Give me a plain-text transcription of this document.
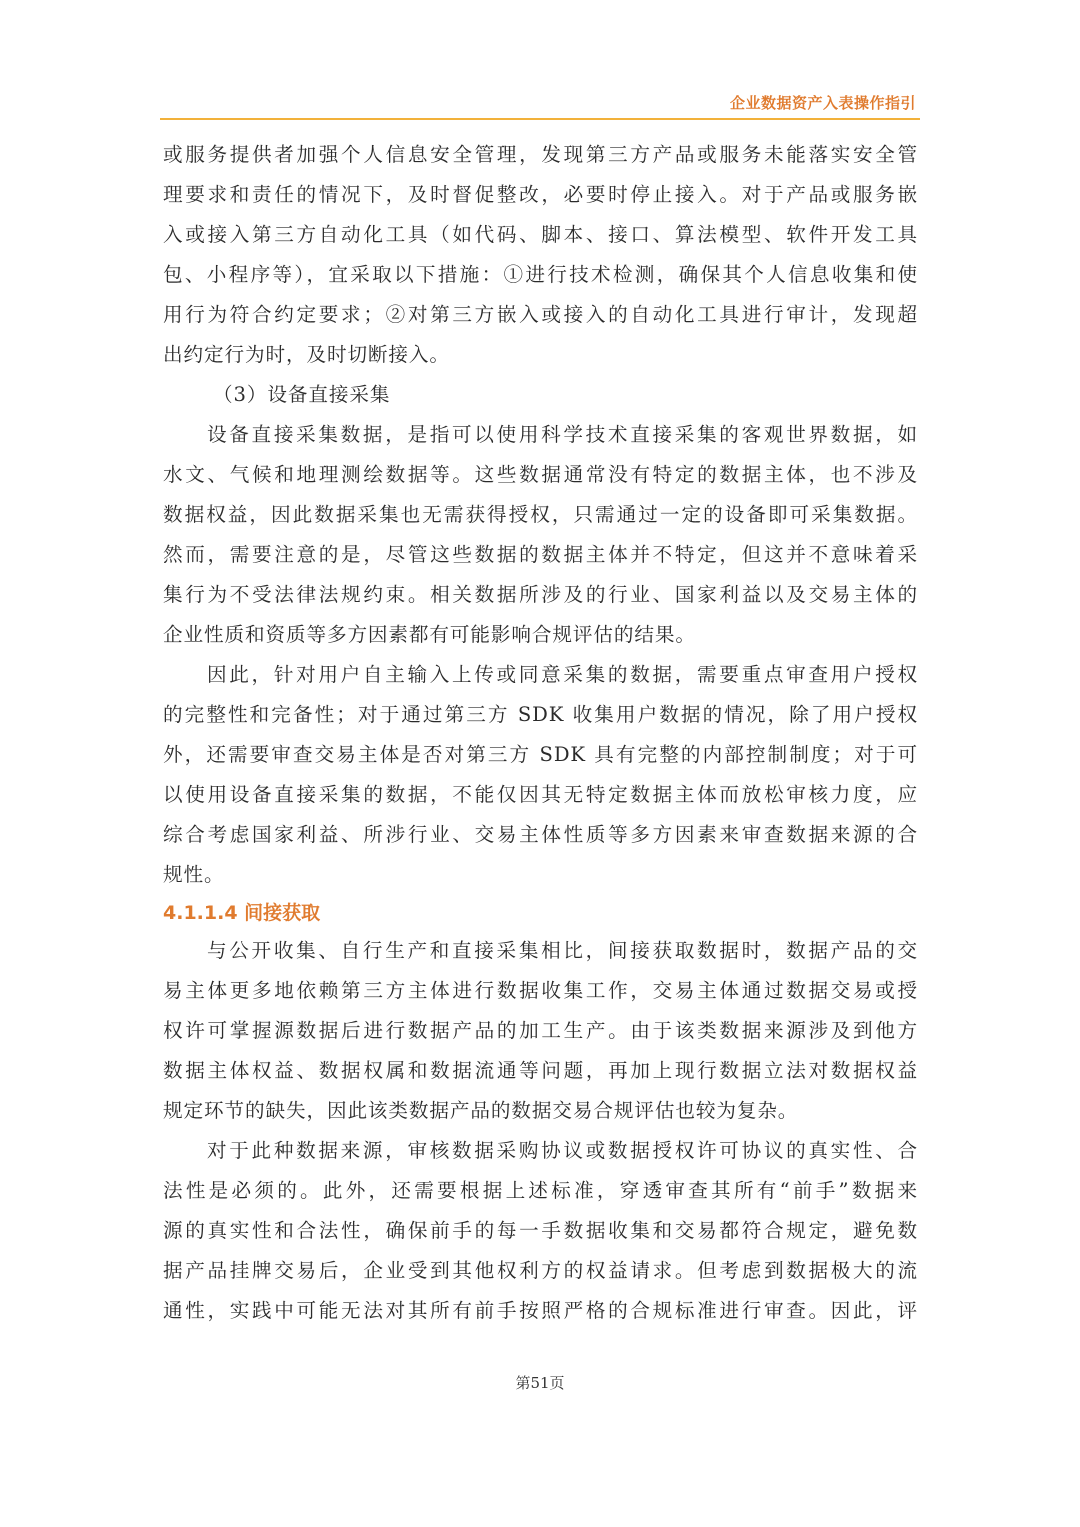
企业数据资产入表操作指引
或服务提供者加强个人信息安全管理，发现第三方产品或服务未能落实安全管
理要求和责任的情况下，及时督促整改，必要时停止接入。对于产品或服务嵌
入或接入第三方自动化工具（如代码、脚本、接口、算法模型、软件开发工具
包、小程序等），宜采取以下措施：①进行技术检测，确保其个人信息收集和使
用行为符合约定要求；②对第三方嵌入或接入的自动化工具进行审计，发现超
出约定行为时，及时切断接入。
（3）设备直接采集
设备直接采集数据，是指可以使用科学技术直接采集的客观世界数据，如
水文、气候和地理测绘数据等。这些数据通常没有特定的数据主体，也不涉及
数据权益，因此数据采集也无需获得授权，只需通过一定的设备即可采集数据。
然而，需要注意的是，尽管这些数据的数据主体并不特定，但这并不意味着采
集行为不受法律法规约束。相关数据所涉及的行业、国家利益以及交易主体的
企业性质和资质等多方因素都有可能影响合规评估的结果。
因此，针对用户自主输入上传或同意采集的数据，需要重点审查用户授权
的完整性和完备性；对于通过第三方 SDK 收集用户数据的情况，除了用户授权
外，还需要审查交易主体是否对第三方 SDK 具有完整的内部控制制度；对于可
以使用设备直接采集的数据，不能仅因其无特定数据主体而放松审核力度，应
综合考虑国家利益、所涉行业、交易主体性质等多方因素来审查数据来源的合
规性。
4.1.1.4 间接获取
与公开收集、自行生产和直接采集相比，间接获取数据时，数据产品的交
易主体更多地依赖第三方主体进行数据收集工作，交易主体通过数据交易或授
权许可掌握源数据后进行数据产品的加工生产。由于该类数据来源涉及到他方
数据主体权益、数据权属和数据流通等问题，再加上现行数据立法对数据权益
规定环节的缺失，因此该类数据产品的数据交易合规评估也较为复杂。
对于此种数据来源，审核数据采购协议或数据授权许可协议的真实性、合
法性是必须的。此外，还需要根据上述标准，穿透审查其所有“前手”数据来
源的真实性和合法性，确保前手的每一手数据收集和交易都符合规定，避免数
据产品挂牌交易后，企业受到其他权利方的权益请求。但考虑到数据极大的流
通性，实践中可能无法对其所有前手按照严格的合规标准进行审查。因此，评
第51页
